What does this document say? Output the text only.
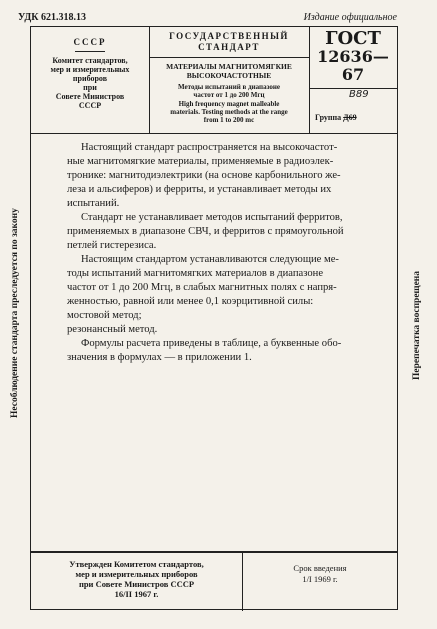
УДК 621.318.13	Издание официальное
Несоблюдение стандарта преследуется по закону	Перепечатка воспрещена
СССР
Комитет стандартов,
мер и измерительных
приборов
при
Совете Министров
СССР
ГОСУДАРСТВЕННЫЙ
СТАНДАРТ
МАТЕРИАЛЫ МАГНИТОМЯГКИЕ
ВЫСОКОЧАСТОТНЫЕ
Методы испытаний в диапазоне
частот от 1 до 200 Мгц
High frequency magnet malleable
materials. Testing methods at the range
from 1 to 200 mc
ГОСТ
12636—67
В89
Группа Д69

Настоящий стандарт распространяется на высокочастот-

ные магнитомягкие материалы, применяемые в радиоэлек-

тронике: магнитодиэлектрики (на основе карбонильного же-

леза и альсиферов) и ферриты, и устанавливает методы их

испытаний.

Стандарт не устанавливает методов испытаний ферритов,

применяемых в диапазоне СВЧ, и ферритов с прямоугольной

петлей гистерезиса.

Настоящим стандартом устанавливаются следующие ме-

тоды испытаний магнитомягких материалов в диапазоне

частот от 1 до 200 Мгц, в слабых магнитных полях с напря-

женностью, равной или менее 0,1 коэрцитивной силы:

мостовой метод;

резонансный метод.

Формулы расчета приведены в таблице, а буквенные обо-

значения в формулах — в приложении 1.

Утвержден Комитетом стандартов,
мер и измерительных приборов
при Совете Министров СССР
16/II 1967 г.
Срок введения
1/I 1969 г.
